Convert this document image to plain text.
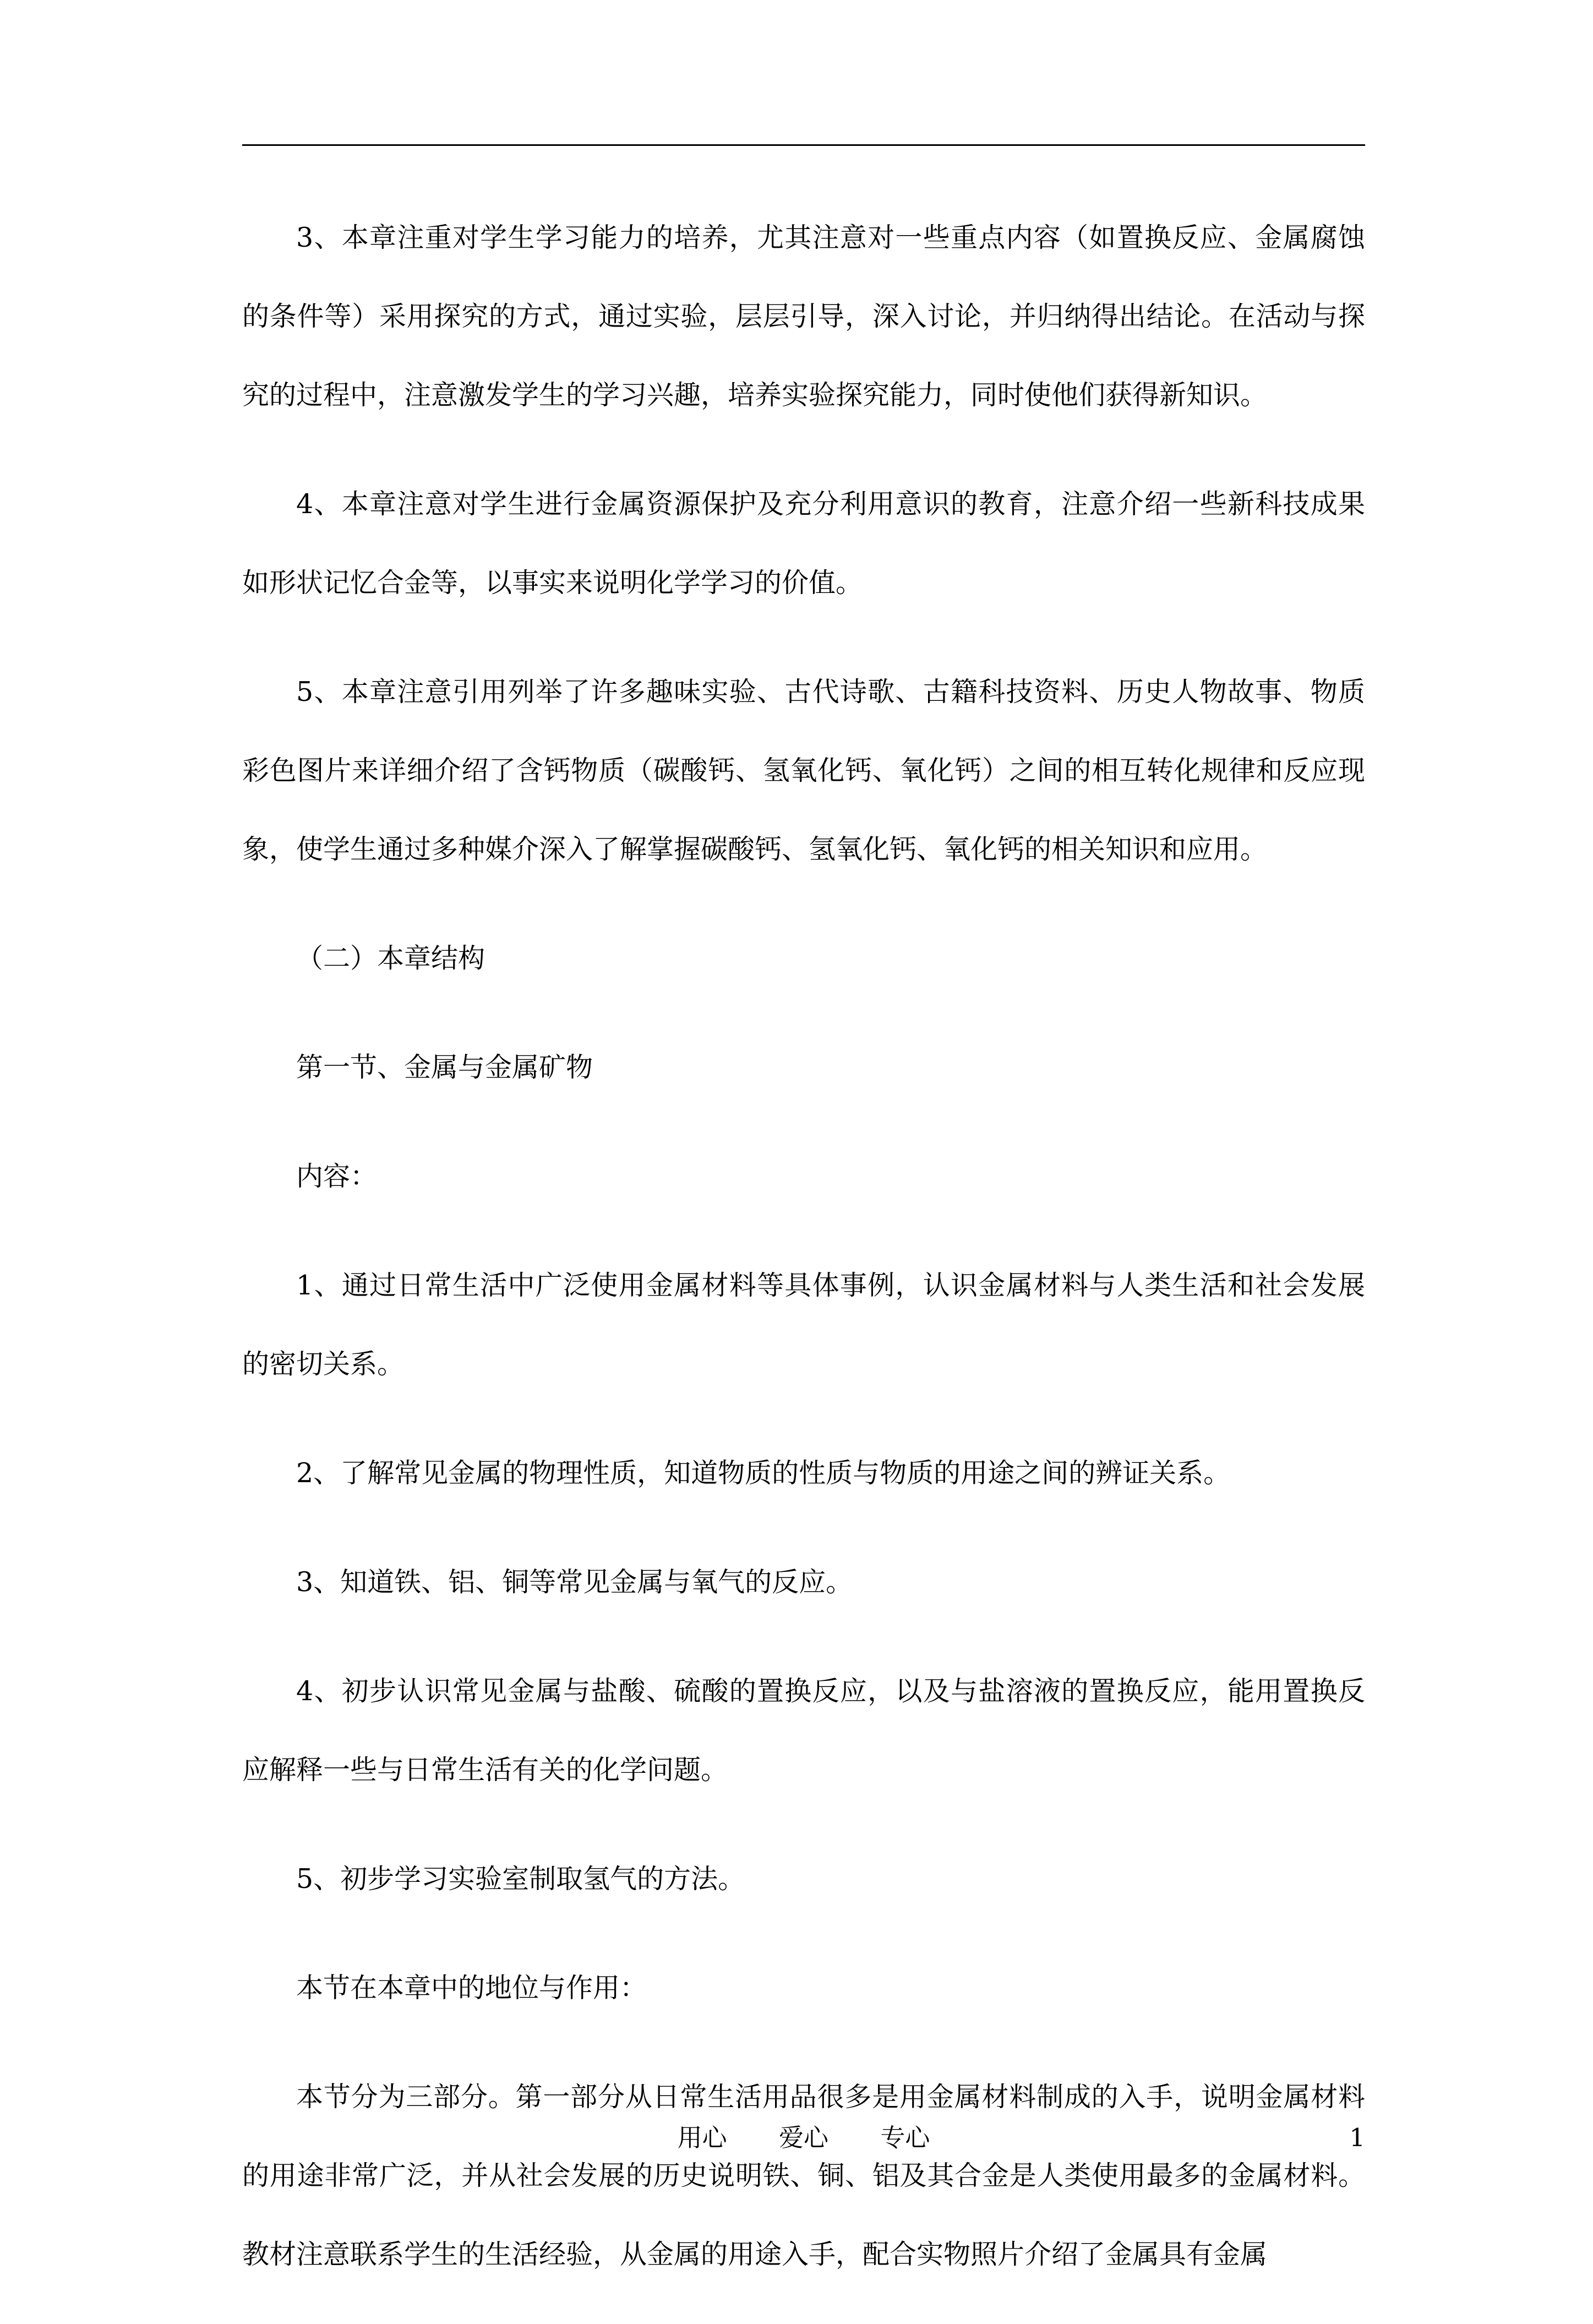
3、本章注重对学生学习能力的培养，尤其注意对一些重点内容（如置换反应、金属腐蚀的条件等）采用探究的方式，通过实验，层层引导，深入讨论，并归纳得出结论。在活动与探究的过程中，注意激发学生的学习兴趣，培养实验探究能力，同时使他们获得新知识。

4、本章注意对学生进行金属资源保护及充分利用意识的教育，注意介绍一些新科技成果如形状记忆合金等，以事实来说明化学学习的价值。

5、本章注意引用列举了许多趣味实验、古代诗歌、古籍科技资料、历史人物故事、物质彩色图片来详细介绍了含钙物质（碳酸钙、氢氧化钙、氧化钙）之间的相互转化规律和反应现象，使学生通过多种媒介深入了解掌握碳酸钙、氢氧化钙、氧化钙的相关知识和应用。

（二）本章结构

第一节、金属与金属矿物

内容：

1、通过日常生活中广泛使用金属材料等具体事例，认识金属材料与人类生活和社会发展的密切关系。

2、了解常见金属的物理性质，知道物质的性质与物质的用途之间的辨证关系。

3、知道铁、铝、铜等常见金属与氧气的反应。

4、初步认识常见金属与盐酸、硫酸的置换反应，以及与盐溶液的置换反应，能用置换反应解释一些与日常生活有关的化学问题。

5、初步学习实验室制取氢气的方法。

本节在本章中的地位与作用：

本节分为三部分。第一部分从日常生活用品很多是用金属材料制成的入手，说明金属材料的用途非常广泛，并从社会发展的历史说明铁、铜、铝及其合金是人类使用最多的金属材料。教材注意联系学生的生活经验，从金属的用途入手，配合实物照片介绍了金属具有金属

用心 爱心 专心	1
